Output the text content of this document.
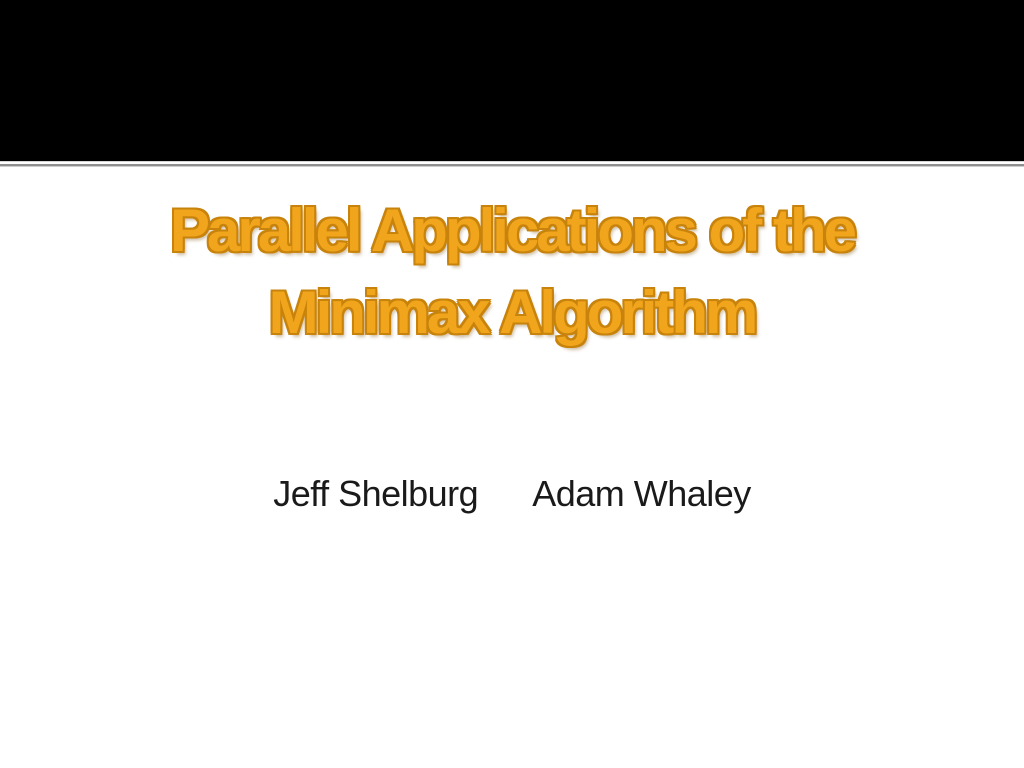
Parallel Applications of the
Minimax Algorithm
Jeff Shelburg Adam Whaley
